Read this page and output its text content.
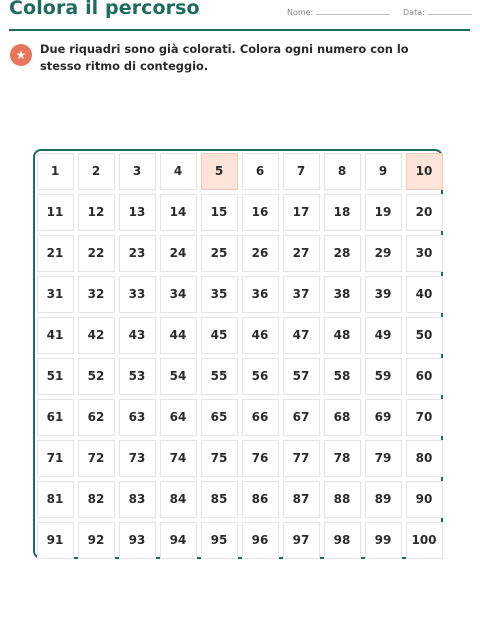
Colora il percorso	Nome:	Data:
★	Due riquadri sono già colorati. Colora ogni numero con lo stesso ritmo di conteggio.
1	2	3	4	5	6	7	8	9	10
11	12	13	14	15	16	17	18	19	20
21	22	23	24	25	26	27	28	29	30
31	32	33	34	35	36	37	38	39	40
41	42	43	44	45	46	47	48	49	50
51	52	53	54	55	56	57	58	59	60
61	62	63	64	65	66	67	68	69	70
71	72	73	74	75	76	77	78	79	80
81	82	83	84	85	86	87	88	89	90
91	92	93	94	95	96	97	98	99	100
